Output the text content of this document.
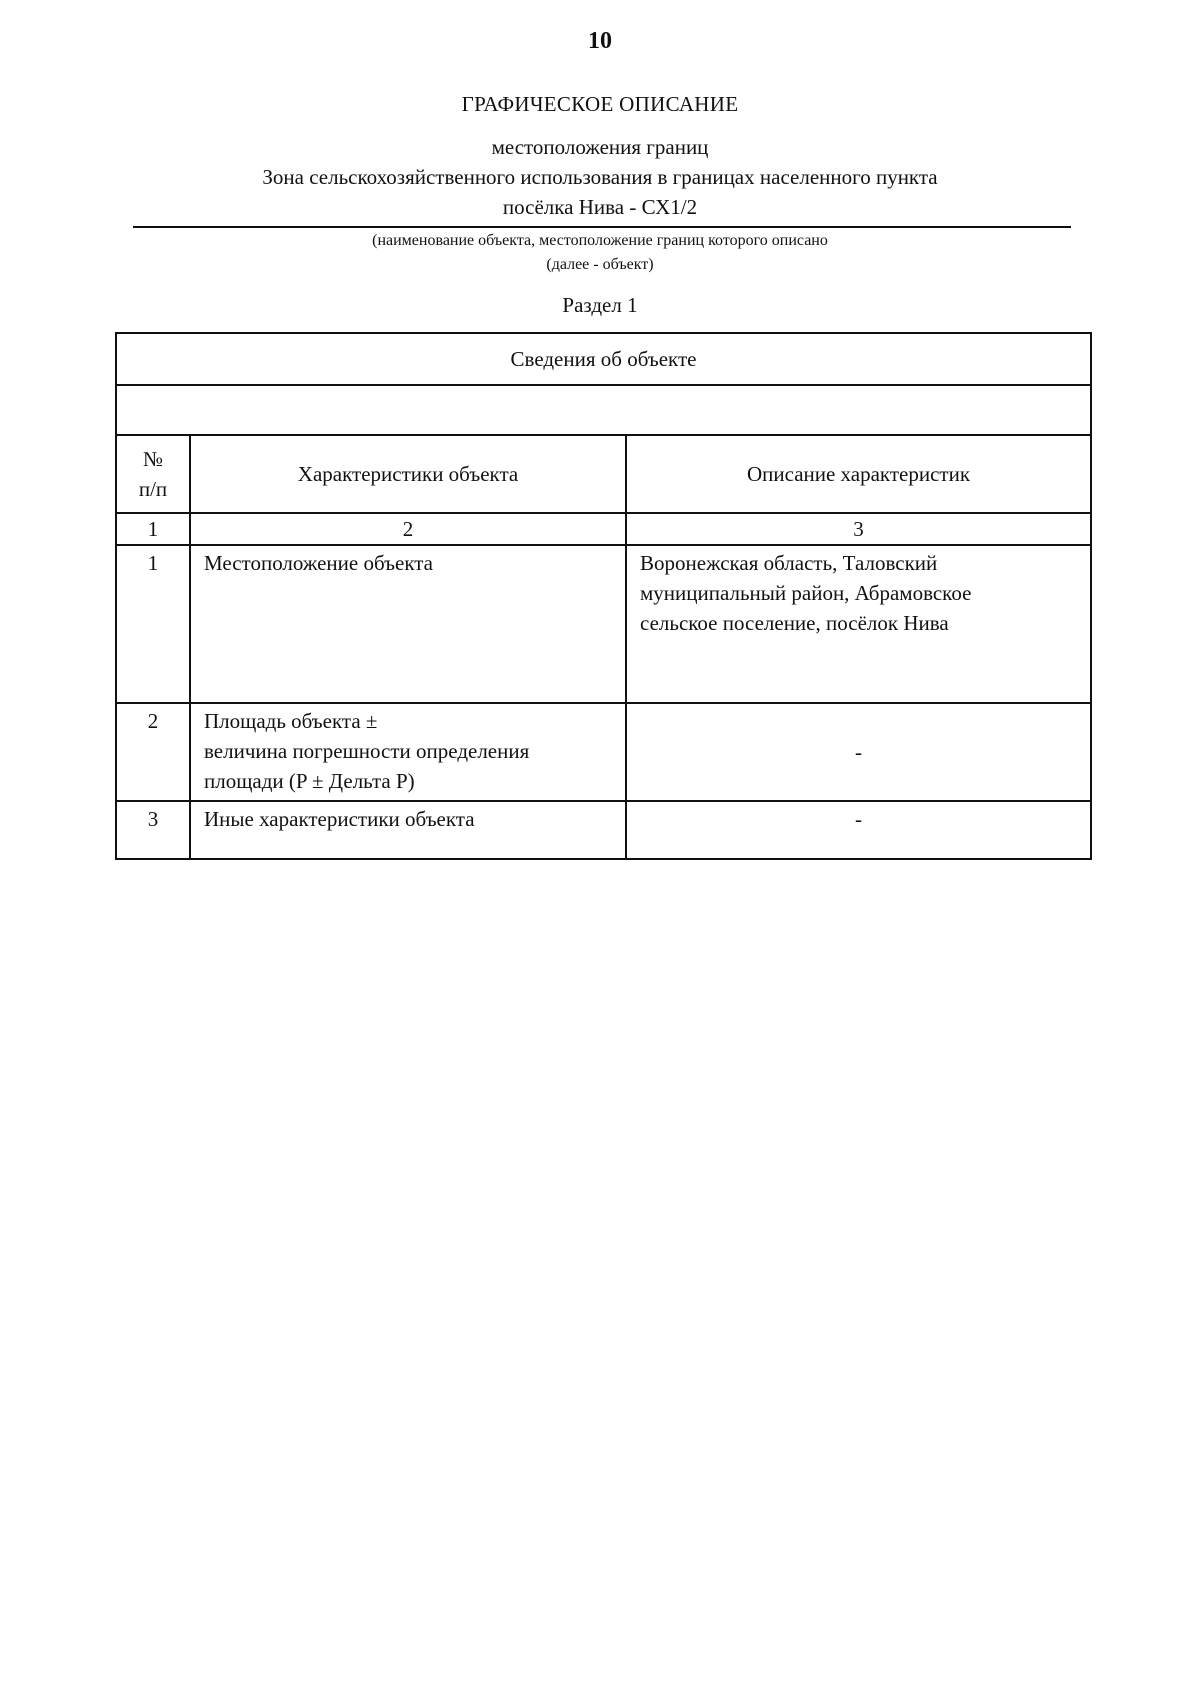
10
ГРАФИЧЕСКОЕ ОПИСАНИЕ
местоположения границ
Зона сельскохозяйственного использования в границах населенного пункта
посёлка Нива - СХ1/2
(наименование объекта, местоположение границ которого описано
(далее - объект)
Раздел 1
Сведения об объекте		

№
п/п	Характеристики объекта	Описание характеристик
1	2	3
1	Местоположение объекта	Воронежская область, Таловский
муниципальный район, Абрамовское
сельское поселение, посёлок Нива
2	Площадь объекта ±
величина погрешности определения
площади (P ± Дельта P)	-
3	Иные характеристики объекта	-
